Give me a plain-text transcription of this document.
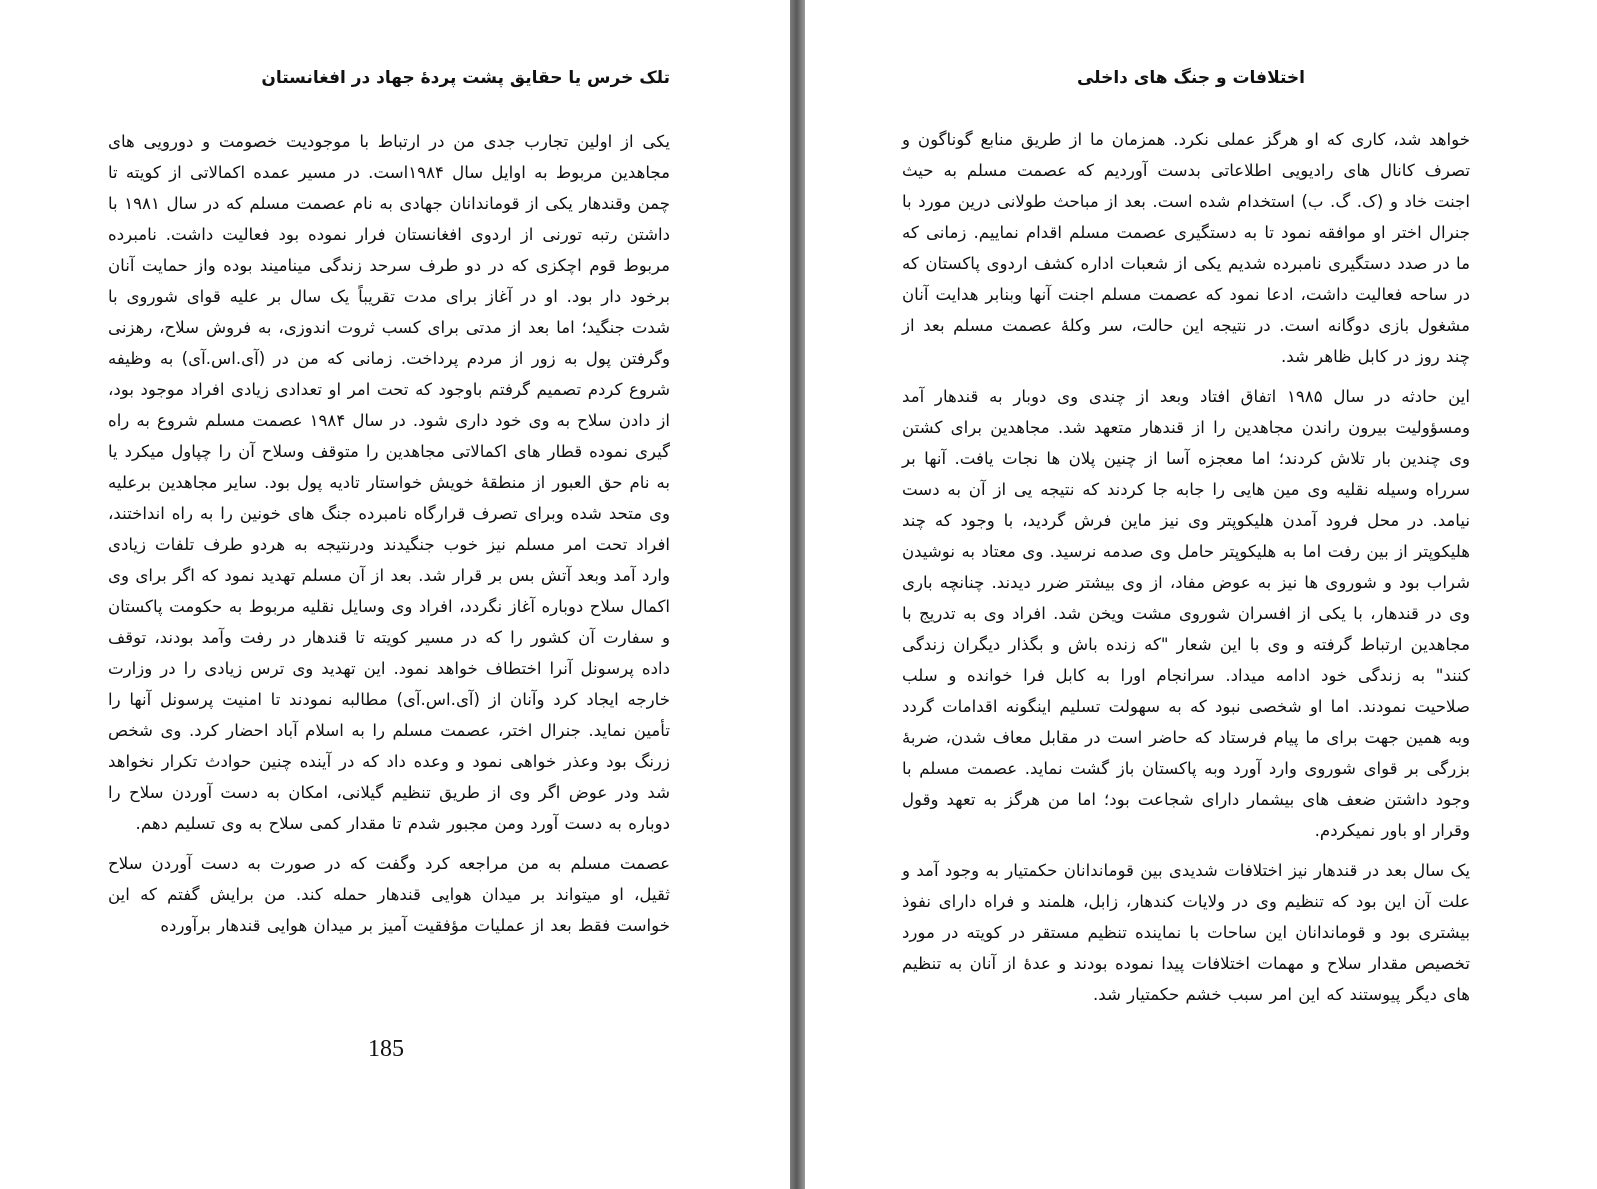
تلک خرس یا حقایق پشت پردهٔ جهاد در افغانستان

یکی از اولین تجارب جدی من در ارتباط با موجودیت خصومت و دورویی های مجاهدین مربوط به اوایل سال ۱۹۸۴است. در مسیر عمده اکمالاتی از کویته تا چمن وقندهار یکی از قوماندانان جهادی به نام عصمت مسلم که در سال ۱۹۸۱ با داشتن رتبه تورنی از اردوی افغانستان فرار نموده بود فعالیت داشت. نامبرده مربوط قوم اچکزی که در دو طرف سرحد زندگی مینامیند بوده واز حمایت آنان برخود دار بود. او در آغاز برای مدت تقریباً یک سال بر علیه قوای شوروی با شدت جنگید؛ اما بعد از مدتی برای کسب ثروت اندوزی، به فروش سلاح، رهزنی وگرفتن پول به زور از مردم پرداخت. زمانی که من در (آی.اس.آی) به وظیفه شروع کردم تصمیم گرفتم باوجود که تحت امر او تعدادی زیادی افراد موجود بود، از دادن سلاح به وی خود داری شود. در سال ۱۹۸۴ عصمت مسلم شروع به راه گیری نموده قطار های اکمالاتی مجاهدین را متوقف وسلاح آن را چپاول میکرد یا به نام حق العبور از منطقهٔ خویش خواستار تادیه پول بود. سایر مجاهدین برعلیه وی متحد شده وبرای تصرف قرارگاه نامبرده جنگ های خونین را به راه انداختند، افراد تحت امر مسلم نیز خوب جنگیدند ودرنتیجه به هردو طرف تلفات زیادی وارد آمد وبعد آتش بس بر قرار شد. بعد از آن مسلم تهدید نمود که اگر برای وی اکمال سلاح دوباره آغاز نگردد، افراد وی وسایل نقلیه مربوط به حکومت پاکستان و سفارت آن کشور را که در مسیر کویته تا قندهار در رفت وآمد بودند، توقف داده پرسونل آنرا اختطاف خواهد نمود. این تهدید وی ترس زیادی را در وزارت خارجه ایجاد کرد وآنان از (آی.اس.آی) مطالبه نمودند تا امنیت پرسونل آنها را تأمین نماید. جنرال اختر، عصمت مسلم را به اسلام آباد احضار کرد. وی شخص زرنگ بود وعذر خواهی نمود و وعده داد که در آینده چنین حوادث تکرار نخواهد شد ودر عوض اگر وی از طریق تنظیم گیلانی، امکان به دست آوردن سلاح را دوباره به دست آورد ومن مجبور شدم تا مقدار کمی سلاح به وی تسلیم دهم.

عصمت مسلم به من مراجعه کرد وگفت که در صورت به دست آوردن سلاح ثقیل، او میتواند بر میدان هوایی قندهار حمله کند. من برایش گفتم که این خواست فقط بعد از عملیات مؤفقیت آمیز بر میدان هوایی قندهار برآورده

185

اختلافات و جنگ های داخلی

خواهد شد، کاری که او هرگز عملی نکرد. همزمان ما از طریق منابع گوناگون و تصرف کانال های رادیویی اطلاعاتی بدست آوردیم که عصمت مسلم به حیث اجنت خاد و (ک. گ. ب) استخدام شده است. بعد از مباحث طولانی درین مورد با جنرال اختر او موافقه نمود تا به دستگیری عصمت مسلم اقدام نماییم. زمانی که ما در صدد دستگیری نامبرده شدیم یکی از شعبات اداره کشف اردوی پاکستان که در ساحه فعالیت داشت، ادعا نمود که عصمت مسلم اجنت آنها وبنابر هدایت آنان مشغول بازی دوگانه است. در نتیجه این حالت، سر وکلهٔ عصمت مسلم بعد از چند روز در کابل ظاهر شد.

این حادثه در سال ۱۹۸۵ اتفاق افتاد وبعد از چندی وی دوبار به قندهار آمد ومسؤولیت بیرون راندن مجاهدین را از قندهار متعهد شد. مجاهدین برای کشتن وی چندین بار تلاش کردند؛ اما معجزه آسا از چنین پلان ها نجات یافت. آنها بر سرراه وسیله نقلیه وی مین هایی را جابه جا کردند که نتیجه یی از آن به دست نیامد. در محل فرود آمدن هلیکوپتر وی نیز ماین فرش گردید، با وجود که چند هلیکوپتر از بین رفت اما به هلیکوپتر حامل وی صدمه نرسید. وی معتاد به نوشیدن شراب بود و شوروی ها نیز به عوض مفاد، از وی بیشتر ضرر دیدند. چنانچه باری وی در قندهار، با یکی از افسران شوروی مشت ویخن شد. افراد وی به تدریج با مجاهدین ارتباط گرفته و وی با این شعار "که زنده باش و بگذار دیگران زندگی کنند" به زندگی خود ادامه میداد. سرانجام اورا به کابل فرا خوانده و سلب صلاحیت نمودند. اما او شخصی نبود که به سهولت تسلیم اینگونه اقدامات گردد وبه همین جهت برای ما پیام فرستاد که حاضر است در مقابل معاف شدن، ضربهٔ بزرگی بر قوای شوروی وارد آورد وبه پاکستان باز گشت نماید. عصمت مسلم با وجود داشتن ضعف های بیشمار دارای شجاعت بود؛ اما من هرگز به تعهد وقول وقرار او باور نمیکردم.

یک سال بعد در قندهار نیز اختلافات شدیدی بین قوماندانان حکمتیار به وجود آمد و علت آن این بود که تنظیم وی در ولایات کندهار، زابل، هلمند و فراه دارای نفوذ بیشتری بود و قوماندانان این ساحات با نماینده تنظیم مستقر در کویته در مورد تخصیص مقدار سلاح و مهمات اختلافات پیدا نموده بودند و عدهٔ از آنان به تنظیم های دیگر پیوستند که این امر سبب خشم حکمتیار شد.
